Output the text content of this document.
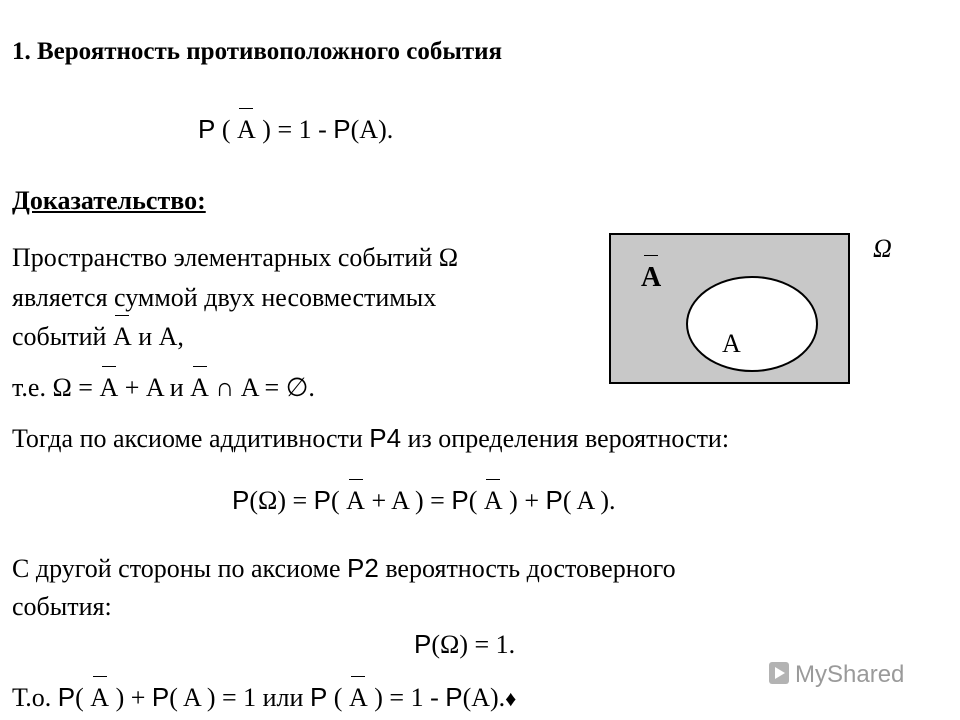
1. Вероятность противоположного события
P ( A ) = 1 - P(A).
Доказательство:
Пространство элементарных событий Ω
является суммой двух несовместимых
событий A и A,
т.е. Ω = A + A и A ∩ A = ∅.
Ω
A
A
Тогда по аксиоме аддитивности P4 из определения вероятности:
P(Ω) = P( A + A ) = P( A ) + P( A ).
С другой стороны по аксиоме P2 вероятность достоверного
события:
P(Ω) = 1.
Т.о. P( A ) + P( A ) = 1 или P ( A ) = 1 - P(A).♦
MyShared
